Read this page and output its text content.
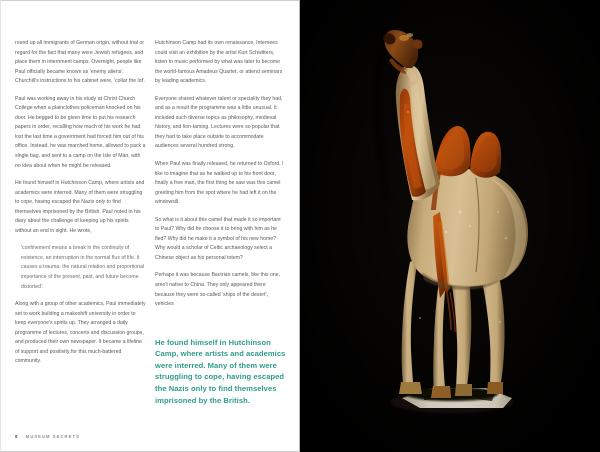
round up all immigrants of German origin, without trial or regard for the fact that many were Jewish refugees, and place them in internment camps. Overnight, people like Paul officially became known as 'enemy aliens'. Churchill's instructions to his cabinet were, 'collar the lot'.

Paul was working away in his study at Christ Church College when a plainclothes policeman knocked on his door. He begged to be given time to put his research papers in order, recalling how much of his work he had lost the last time a government had forced him out of his office. Instead, he was marched home, allowed to pack a single bag, and sent to a camp on the Isle of Man, with no idea about when he might be released.

He found himself in Hutchinson Camp, where artists and academics were interred. Many of them were struggling to cope, having escaped the Nazis only to find themselves imprisoned by the British. Paul noted in his diary about the challenge of keeping up his spirits without an end in sight. He wrote,

'confinement means a break in the continuity of existence, an interruption in the normal flux of life. It causes a trauma: the natural relation and proportional importance of the present, past, and future become distorted'.

Along with a group of other academics, Paul immediately set to work building a makeshift university in order to keep everyone's spirits up. They arranged a daily programme of lectures, concerts and discussion groups, and produced their own newspaper. It became a lifeline of support and positivity for this much-battered community.

Hutchinson Camp had its own renaissance. Internees could visit an exhibition by the artist Kurt Schwitters, listen to music performed by what was later to become the world-famous Amadeus Quartet, or attend seminars by leading academics.

Everyone shared whatever talent or speciality they had, and as a result the programme was a little unusual. It included such diverse topics as philosophy, medieval history, and lion-taming. Lectures were so popular that they had to take place outside to accommodate audiences several hundred strong.

When Paul was finally released, he returned to Oxford. I like to imagine that as he walked up to his front door, finally a free man, the first thing he saw was this camel greeting him from the spot where he had left it on the windowsill.

So what is it about this camel that made it so important to Paul? Why did he choose it to bring with him as he fled? Why did he make it a symbol of his new home? Why would a scholar of Celtic archaeology select a Chinese object as his personal totem?

Perhaps it was because Bactrian camels, like this one, aren't native to China. They only appeared there because they were so-called 'ships of the desert', vehicles

He found himself in Hutchinson Camp, where artists and academics were interred. Many of them were struggling to cope, having escaped the Nazis only to find themselves imprisoned by the British.

8 MUSEUM SECRETS
